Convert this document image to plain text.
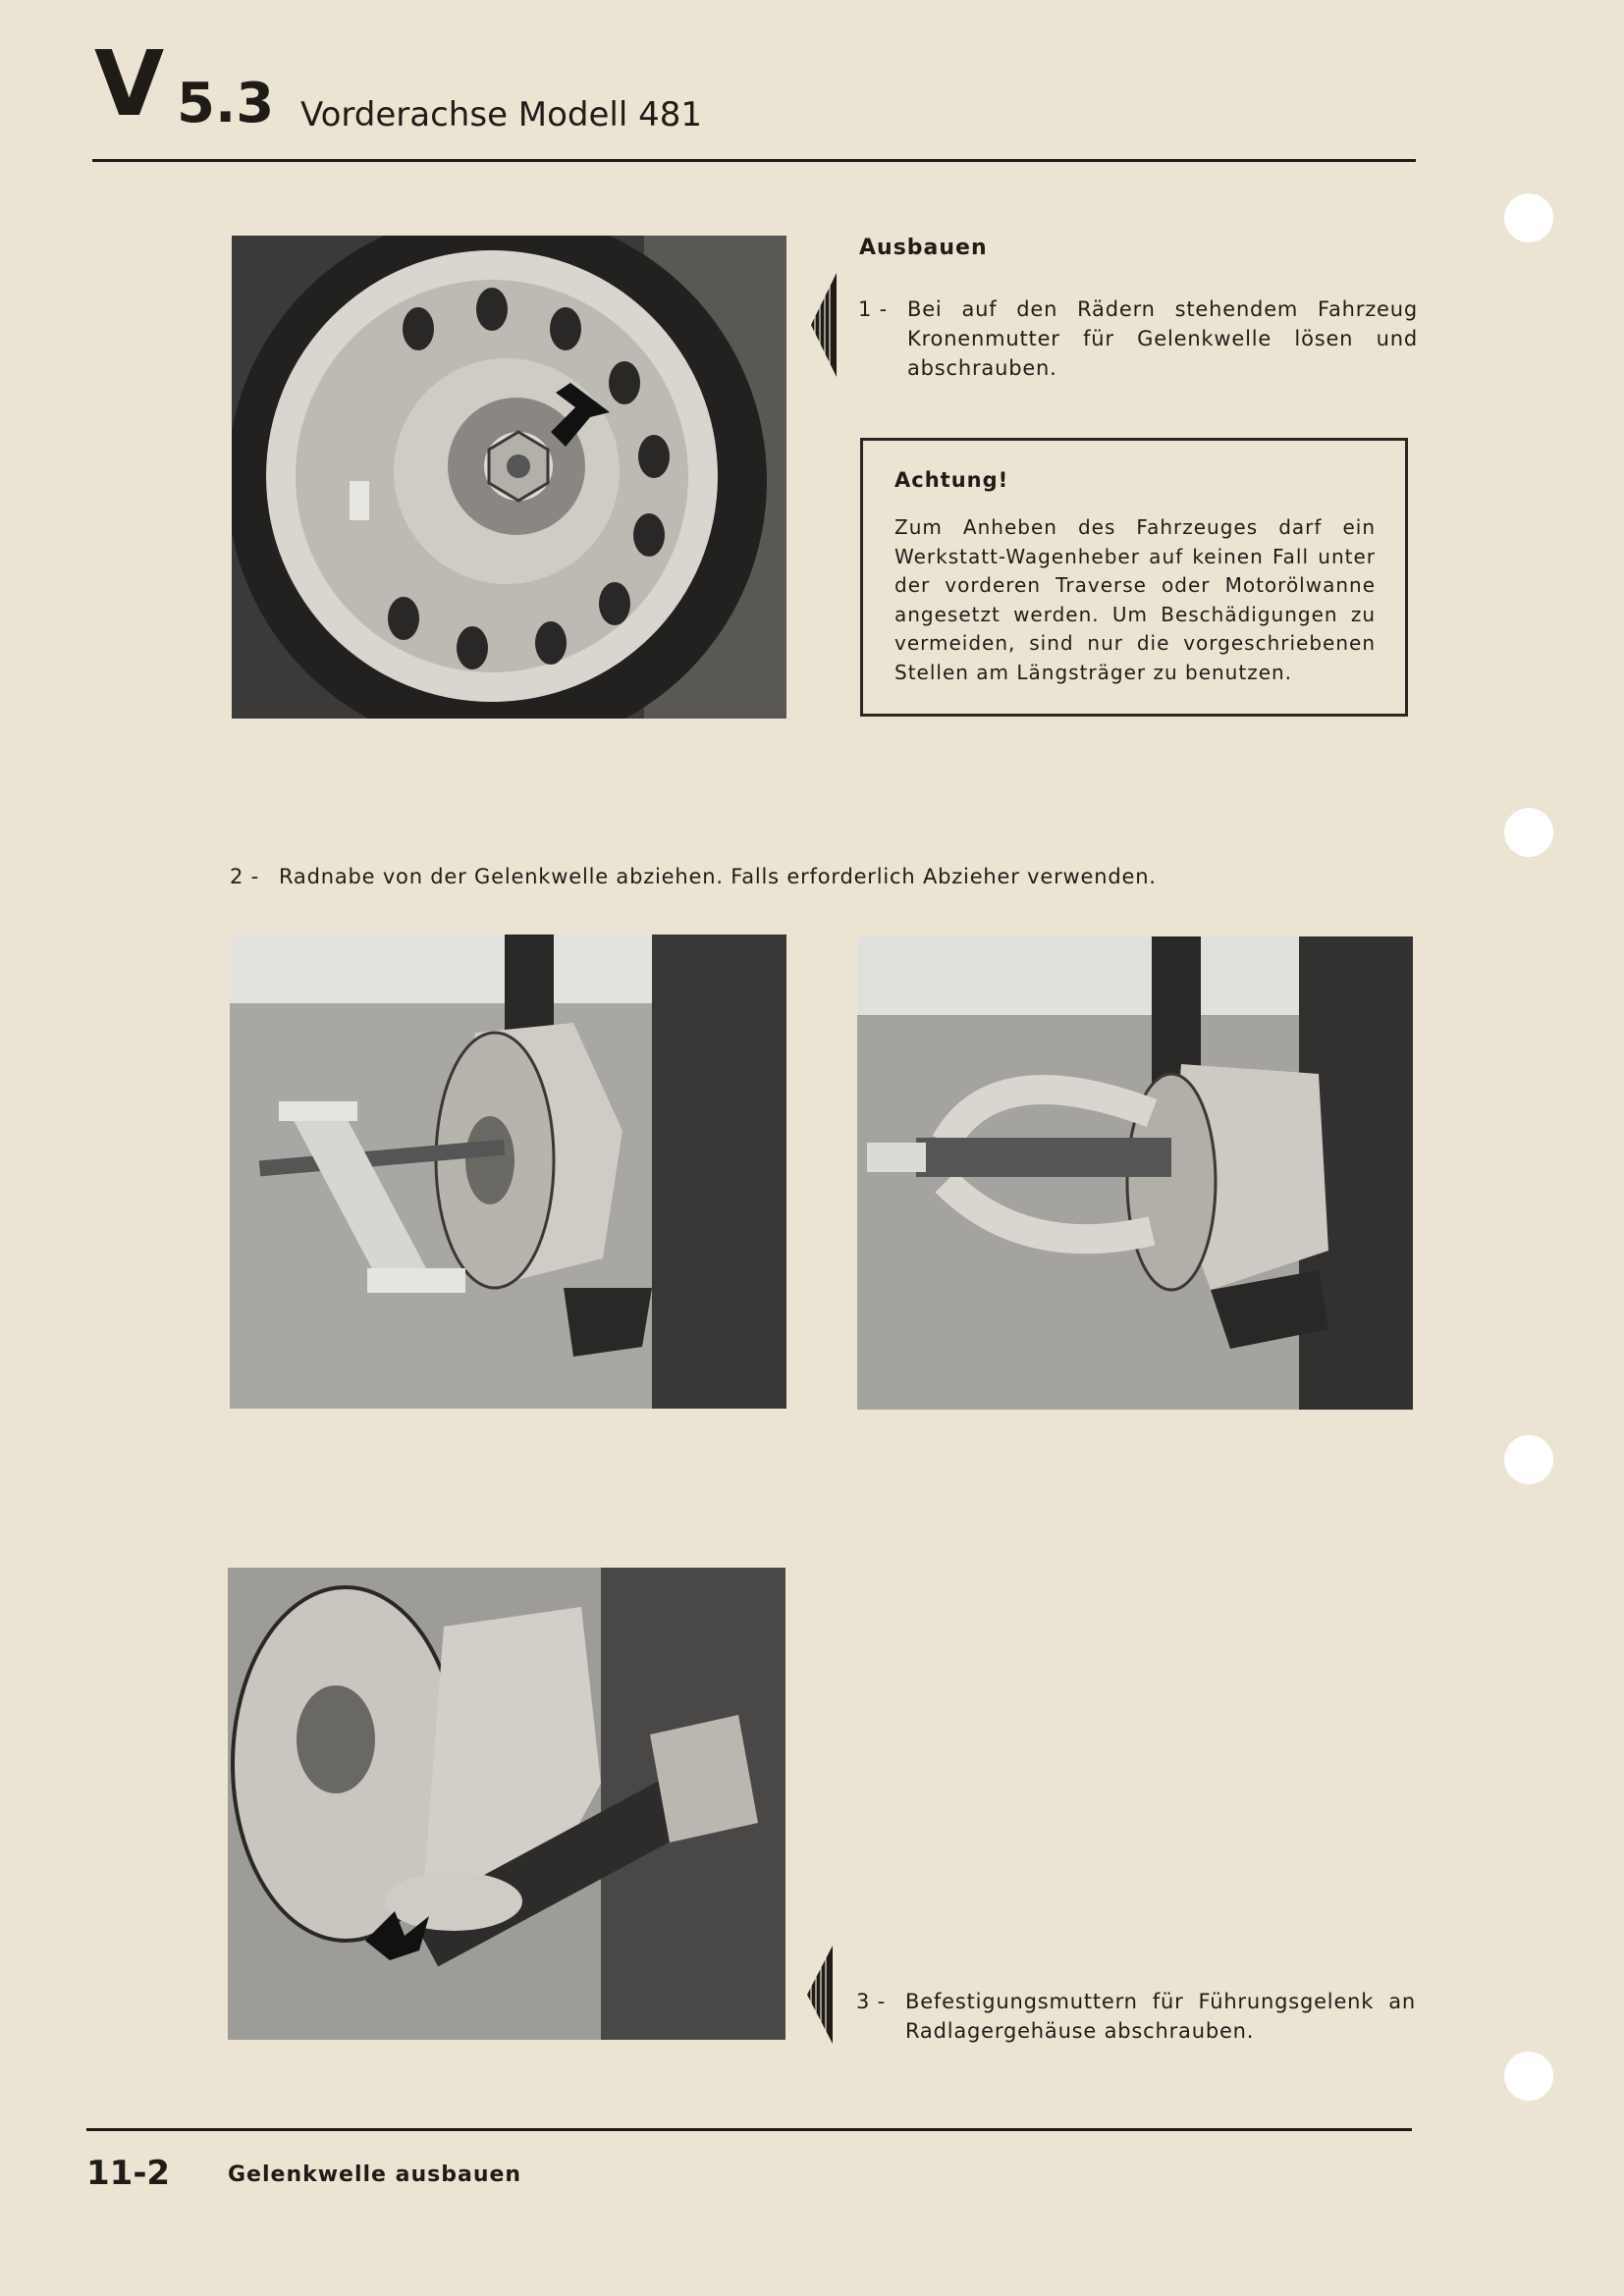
V 5.3 Vorderachse Modell 481
Ausbauen
1 - Bei auf den Rädern stehendem Fahrzeug Kronenmutter für Gelenkwelle lösen und abschrauben.
Achtung!
Zum Anheben des Fahrzeuges darf ein Werkstatt-Wagenheber auf keinen Fall unter der vorderen Traverse oder Motorölwanne angesetzt werden. Um Beschädigungen zu vermeiden, sind nur die vorgeschriebenen Stellen am Längsträger zu benutzen.
2 - Radnabe von der Gelenkwelle abziehen. Falls erforderlich Abzieher verwenden.
3 - Befestigungsmuttern für Führungsgelenk an Radlagergehäuse abschrauben.
11-2	Gelenkwelle ausbauen
